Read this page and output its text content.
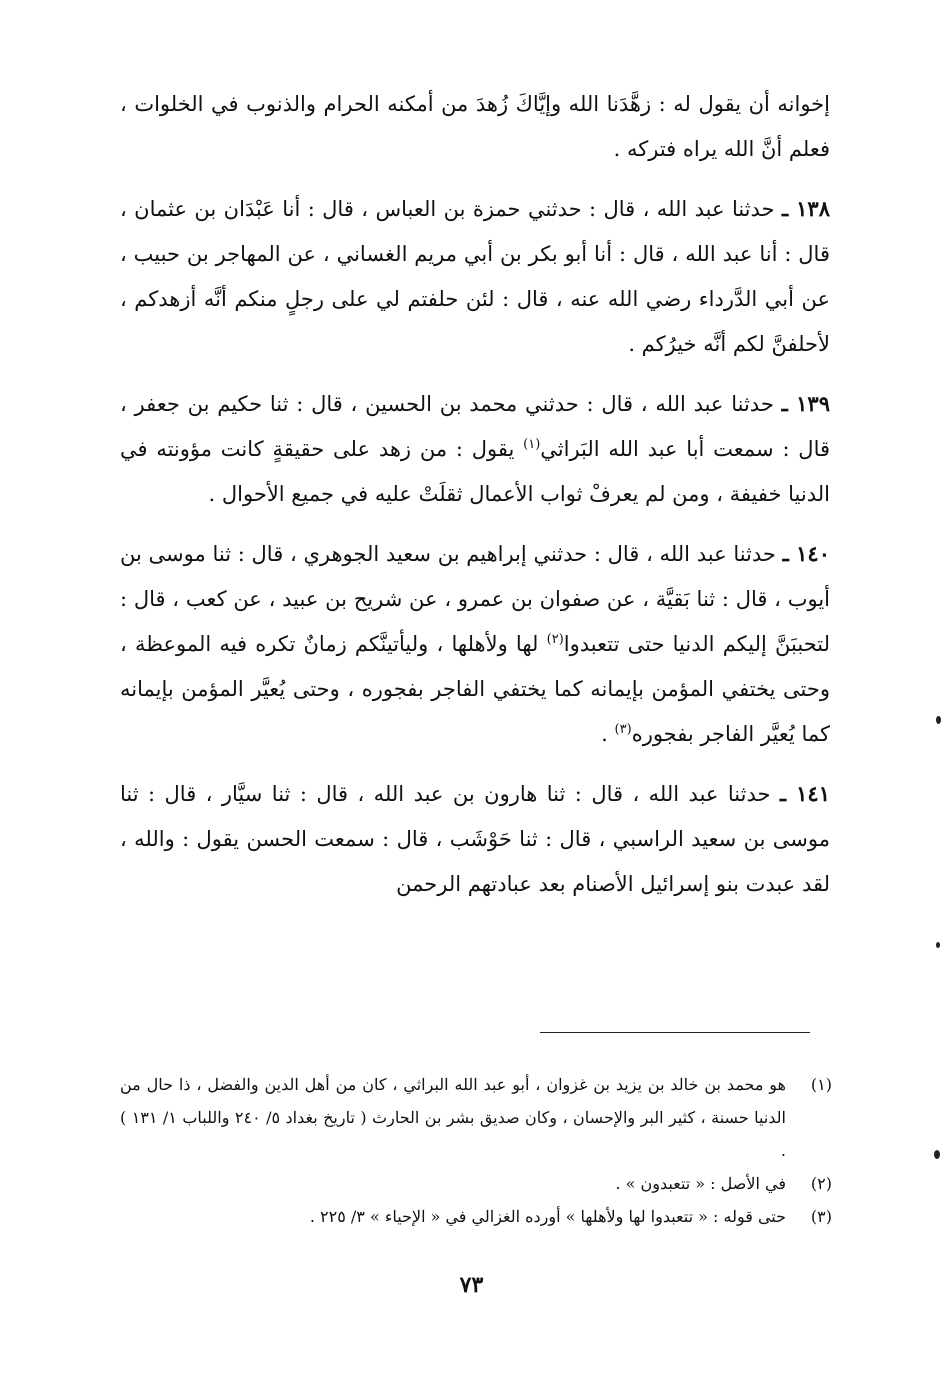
إخوانه أن يقول له : زهَّدَنا الله وإيَّاكَ زُهدَ من أمكنه الحرام والذنوب في الخلوات ، فعلم أنَّ الله يراه فتركه .

١٣٨ ـ حدثنا عبد الله ، قال : حدثني حمزة بن العباس ، قال : أنا عَبْدَان بن عثمان ، قال : أنا عبد الله ، قال : أنا أبو بكر بن أبي مريم الغساني ، عن المهاجر بن حبيب ، عن أبي الدَّرداء رضي الله عنه ، قال : لئن حلفتم لي على رجلٍ منكم أنَّه أزهدكم ، لأحلفنَّ لكم أنَّه خيرُكم .

١٣٩ ـ حدثنا عبد الله ، قال : حدثني محمد بن الحسين ، قال : ثنا حكيم بن جعفر ، قال : سمعت أبا عبد الله البَراثي$^{(١)}$ يقول : من زهد على حقيقةٍ كانت مؤونته في الدنيا خفيفة ، ومن لم يعرفْ ثواب الأعمال ثقلَتْ عليه في جميع الأحوال .

١٤٠ ـ حدثنا عبد الله ، قال : حدثني إبراهيم بن سعيد الجوهري ، قال : ثنا موسى بن أيوب ، قال : ثنا بَقيَّة ، عن صفوان بن عمرو ، عن شريح بن عبيد ، عن كعب ، قال : لتحببَنَّ إليكم الدنيا حتى تتعبدوا$^{(٢)}$ لها ولأهلها ، وليأتينَّكم زمانٌ تكره فيه الموعظة ، وحتى يختفي المؤمن بإيمانه كما يختفي الفاجر بفجوره ، وحتى يُعيَّر المؤمن بإيمانه كما يُعيَّر الفاجر بفجوره$^{(٣)}$ .

١٤١ ـ حدثنا عبد الله ، قال : ثنا هارون بن عبد الله ، قال : ثنا سيَّار ، قال : ثنا موسى بن سعيد الراسبي ، قال : ثنا حَوْشَب ، قال : سمعت الحسن يقول : والله ، لقد عبدت بنو إسرائيل الأصنام بعد عبادتهم الرحمن

(١)
هو محمد بن خالد بن يزيد بن غزوان ، أبو عبد الله البراثي ، كان من أهل الدين والفضل ، ذا حال من الدنيا حسنة ، كثير البر والإحسان ، وكان صديق بشر بن الحارث ( تاريخ بغداد ٥/ ٢٤٠ واللباب ١/ ١٣١ ) .
(٢)
في الأصل : « تتعبدون » .
(٣)
حتى قوله : « تتعبدوا لها ولأهلها » أورده الغزالي في « الإحياء » ٣/ ٢٢٥ .
٧٣
